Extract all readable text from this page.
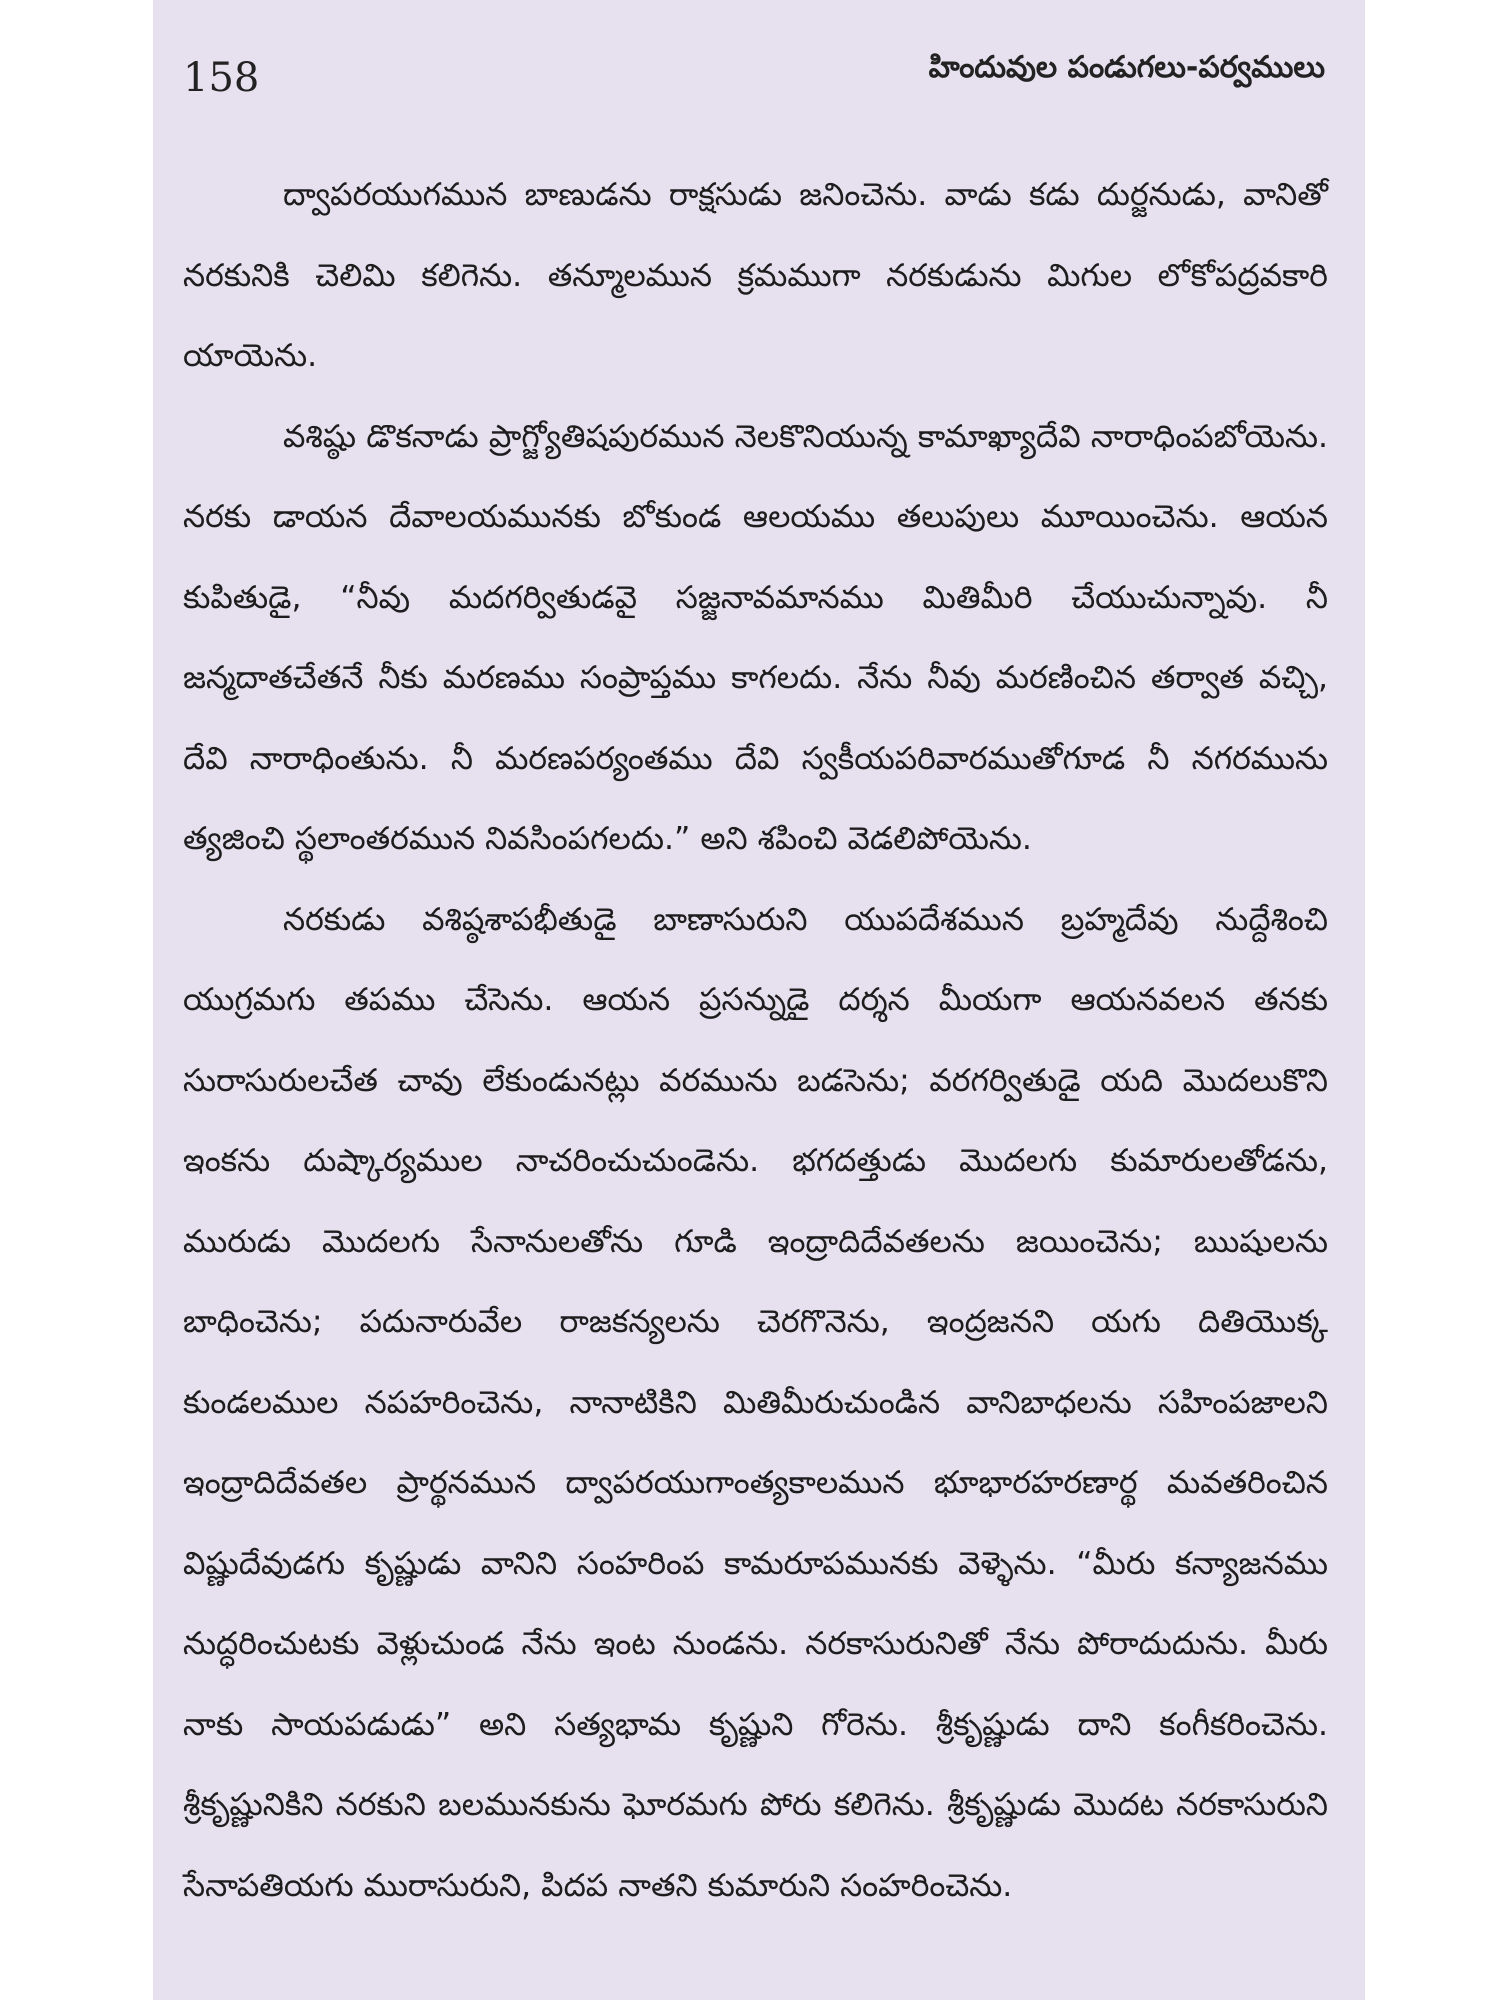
158	హిందువుల పండుగలు-పర్వములు

ద్వాపరయుగమున బాణుడను రాక్షసుడు జనించెను. వాడు కడు దుర్జనుడు, వానితో నరకునికి చెలిమి కలిగెను. తన్మూలమున క్రమముగా నరకుడును మిగుల లోకోపద్రవకారి యాయెను.

వశిష్ఠు డొకనాడు ప్రాగ్జ్యోతిషపురమున నెలకొనియున్న కామాఖ్యాదేవి నారాధింపబోయెను. నరకు డాయన దేవాలయమునకు బోకుండ ఆలయము తలుపులు మూయించెను. ఆయన కుపితుడై, “నీవు మదగర్వితుడవై సజ్జనావమానము మితిమీరి చేయుచున్నావు. నీ జన్మదాతచేతనే నీకు మరణము సంప్రాప్తము కాగలదు. నేను నీవు మరణించిన తర్వాత వచ్చి, దేవి నారాధింతును. నీ మరణపర్యంతము దేవి స్వకీయపరివారముతోగూడ నీ నగరమును త్యజించి స్థలాంతరమున నివసింపగలదు.” అని శపించి వెడలిపోయెను.

నరకుడు వశిష్ఠశాపభీతుడై బాణాసురుని యుపదేశమున బ్రహ్మదేవు నుద్దేశించి యుగ్రమగు తపము చేసెను. ఆయన ప్రసన్నుడై దర్శన మీయగా ఆయనవలన తనకు సురాసురులచేత చావు లేకుండునట్లు వరమును బడసెను; వరగర్వితుడై యది మొదలుకొని ఇంకను దుష్కార్యముల నాచరించుచుండెను. భగదత్తుడు మొదలగు కుమారులతోడను, మురుడు మొదలగు సేనానులతోను గూడి ఇంద్రాదిదేవతలను జయించెను; ఋషులను బాధించెను; పదునారువేల రాజకన్యలను చెరగొనెను, ఇంద్రజనని యగు దితియొక్క కుండలముల నపహరించెను, నానాటికిని మితిమీరుచుండిన వానిబాధలను సహింపజాలని ఇంద్రాదిదేవతల ప్రార్థనమున ద్వాపరయుగాంత్యకాలమున భూభారహరణార్థ మవతరించిన విష్ణుదేవుడగు కృష్ణుడు వానిని సంహరింప కామరూపమునకు వెళ్ళెను. “మీరు కన్యాజనము నుద్ధరించుటకు వెళ్లుచుండ నేను ఇంట నుండను. నరకాసురునితో నేను పోరాదుదును. మీరు నాకు సాయపడుడు” అని సత్యభామ కృష్ణుని గోరెను. శ్రీకృష్ణుడు దాని కంగీకరించెను. శ్రీకృష్ణునికిని నరకుని బలమునకును ఘోరమగు పోరు కలిగెను. శ్రీకృష్ణుడు మొదట నరకాసురుని సేనాపతియగు మురాసురుని, పిదప నాతని కుమారుని సంహరించెను.
